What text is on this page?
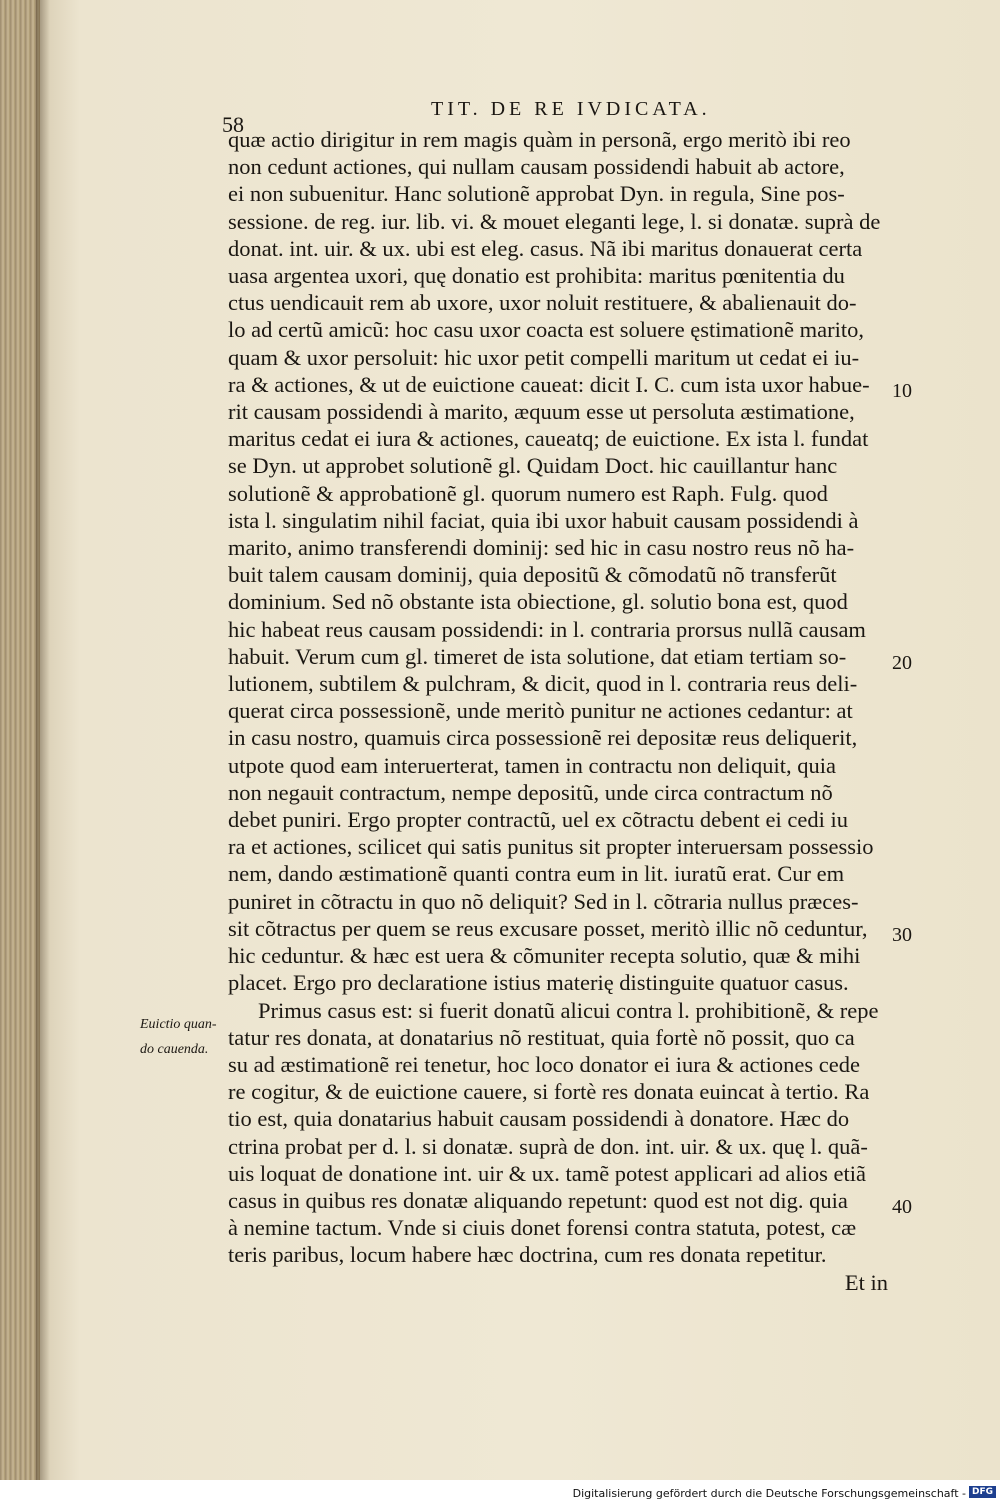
TIT. DE RE IVDICATA.
58
quæ actio dirigitur in rem magis quàm in personã, ergo meritò ibi reo
non cedunt actiones, qui nullam causam possidendi habuit ab actore,
ei non subuenitur. Hanc solutionẽ approbat Dyn. in regula, Sine pos-
sessione. de reg. iur. lib. vi. & mouet eleganti lege, l. si donatæ. suprà de
donat. int. uir. & ux. ubi est eleg. casus. Nã ibi maritus donauerat certa
uasa argentea uxori, quę donatio est prohibita: maritus pœnitentia du
ctus uendicauit rem ab uxore, uxor noluit restituere, & abalienauit do-
lo ad certũ amicũ: hoc casu uxor coacta est soluere ęstimationẽ marito,
quam & uxor persoluit: hic uxor petit compelli maritum ut cedat ei iu-
ra & actiones, & ut de euictione caueat: dicit I. C. cum ista uxor habue-
rit causam possidendi à marito, æquum esse ut persoluta æstimatione,
maritus cedat ei iura & actiones, caueatq; de euictione. Ex ista l. fundat
se Dyn. ut approbet solutionẽ gl. Quidam Doct. hic cauillantur hanc
solutionẽ & approbationẽ gl. quorum numero est Raph. Fulg. quod
ista l. singulatim nihil faciat, quia ibi uxor habuit causam possidendi à
marito, animo transferendi dominij: sed hic in casu nostro reus nõ ha-
buit talem causam dominij, quia depositũ & cõmodatũ nõ transferũt
dominium. Sed nõ obstante ista obiectione, gl. solutio bona est, quod
hic habeat reus causam possidendi: in l. contraria prorsus nullã causam
habuit. Verum cum gl. timeret de ista solutione, dat etiam tertiam so-
lutionem, subtilem & pulchram, & dicit, quod in l. contraria reus deli-
querat circa possessionẽ, unde meritò punitur ne actiones cedantur: at
in casu nostro, quamuis circa possessionẽ rei depositæ reus deliquerit,
utpote quod eam interuerterat, tamen in contractu non deliquit, quia
non negauit contractum, nempe depositũ, unde circa contractum nõ
debet puniri. Ergo propter contractũ, uel ex cõtractu debent ei cedi iu
ra et actiones, scilicet qui satis punitus sit propter interuersam possessio
nem, dando æstimationẽ quanti contra eum in lit. iuratũ erat. Cur em
puniret in cõtractu in quo nõ deliquit? Sed in l. cõtraria nullus præces-
sit cõtractus per quem se reus excusare posset, meritò illic nõ ceduntur,
hic ceduntur. & hæc est uera & cõmuniter recepta solutio, quæ & mihi
placet. Ergo pro declaratione istius materię distinguite quatuor casus.
Primus casus est: si fuerit donatũ alicui contra l. prohibitionẽ, & repe
tatur res donata, at donatarius nõ restituat, quia fortè nõ possit, quo ca
su ad æstimationẽ rei tenetur, hoc loco donator ei iura & actiones cede
re cogitur, & de euictione cauere, si fortè res donata euincat à tertio. Ra
tio est, quia donatarius habuit causam possidendi à donatore. Hæc do
ctrina probat per d. l. si donatæ. suprà de don. int. uir. & ux. quę l. quã-
uis loquat de donatione int. uir & ux. tamẽ potest applicari ad alios etiã
casus in quibus res donatæ aliquando repetunt: quod est not dig. quia
à nemine tactum. Vnde si ciuis donet forensi contra statuta, potest, cæ
teris paribus, locum habere hæc doctrina, cum res donata repetitur.
Et in
10
20
30
40
Euictio quan-
do cauenda.
Digitalisierung gefördert durch die Deutsche Forschungsgemeinschaft - DFG
